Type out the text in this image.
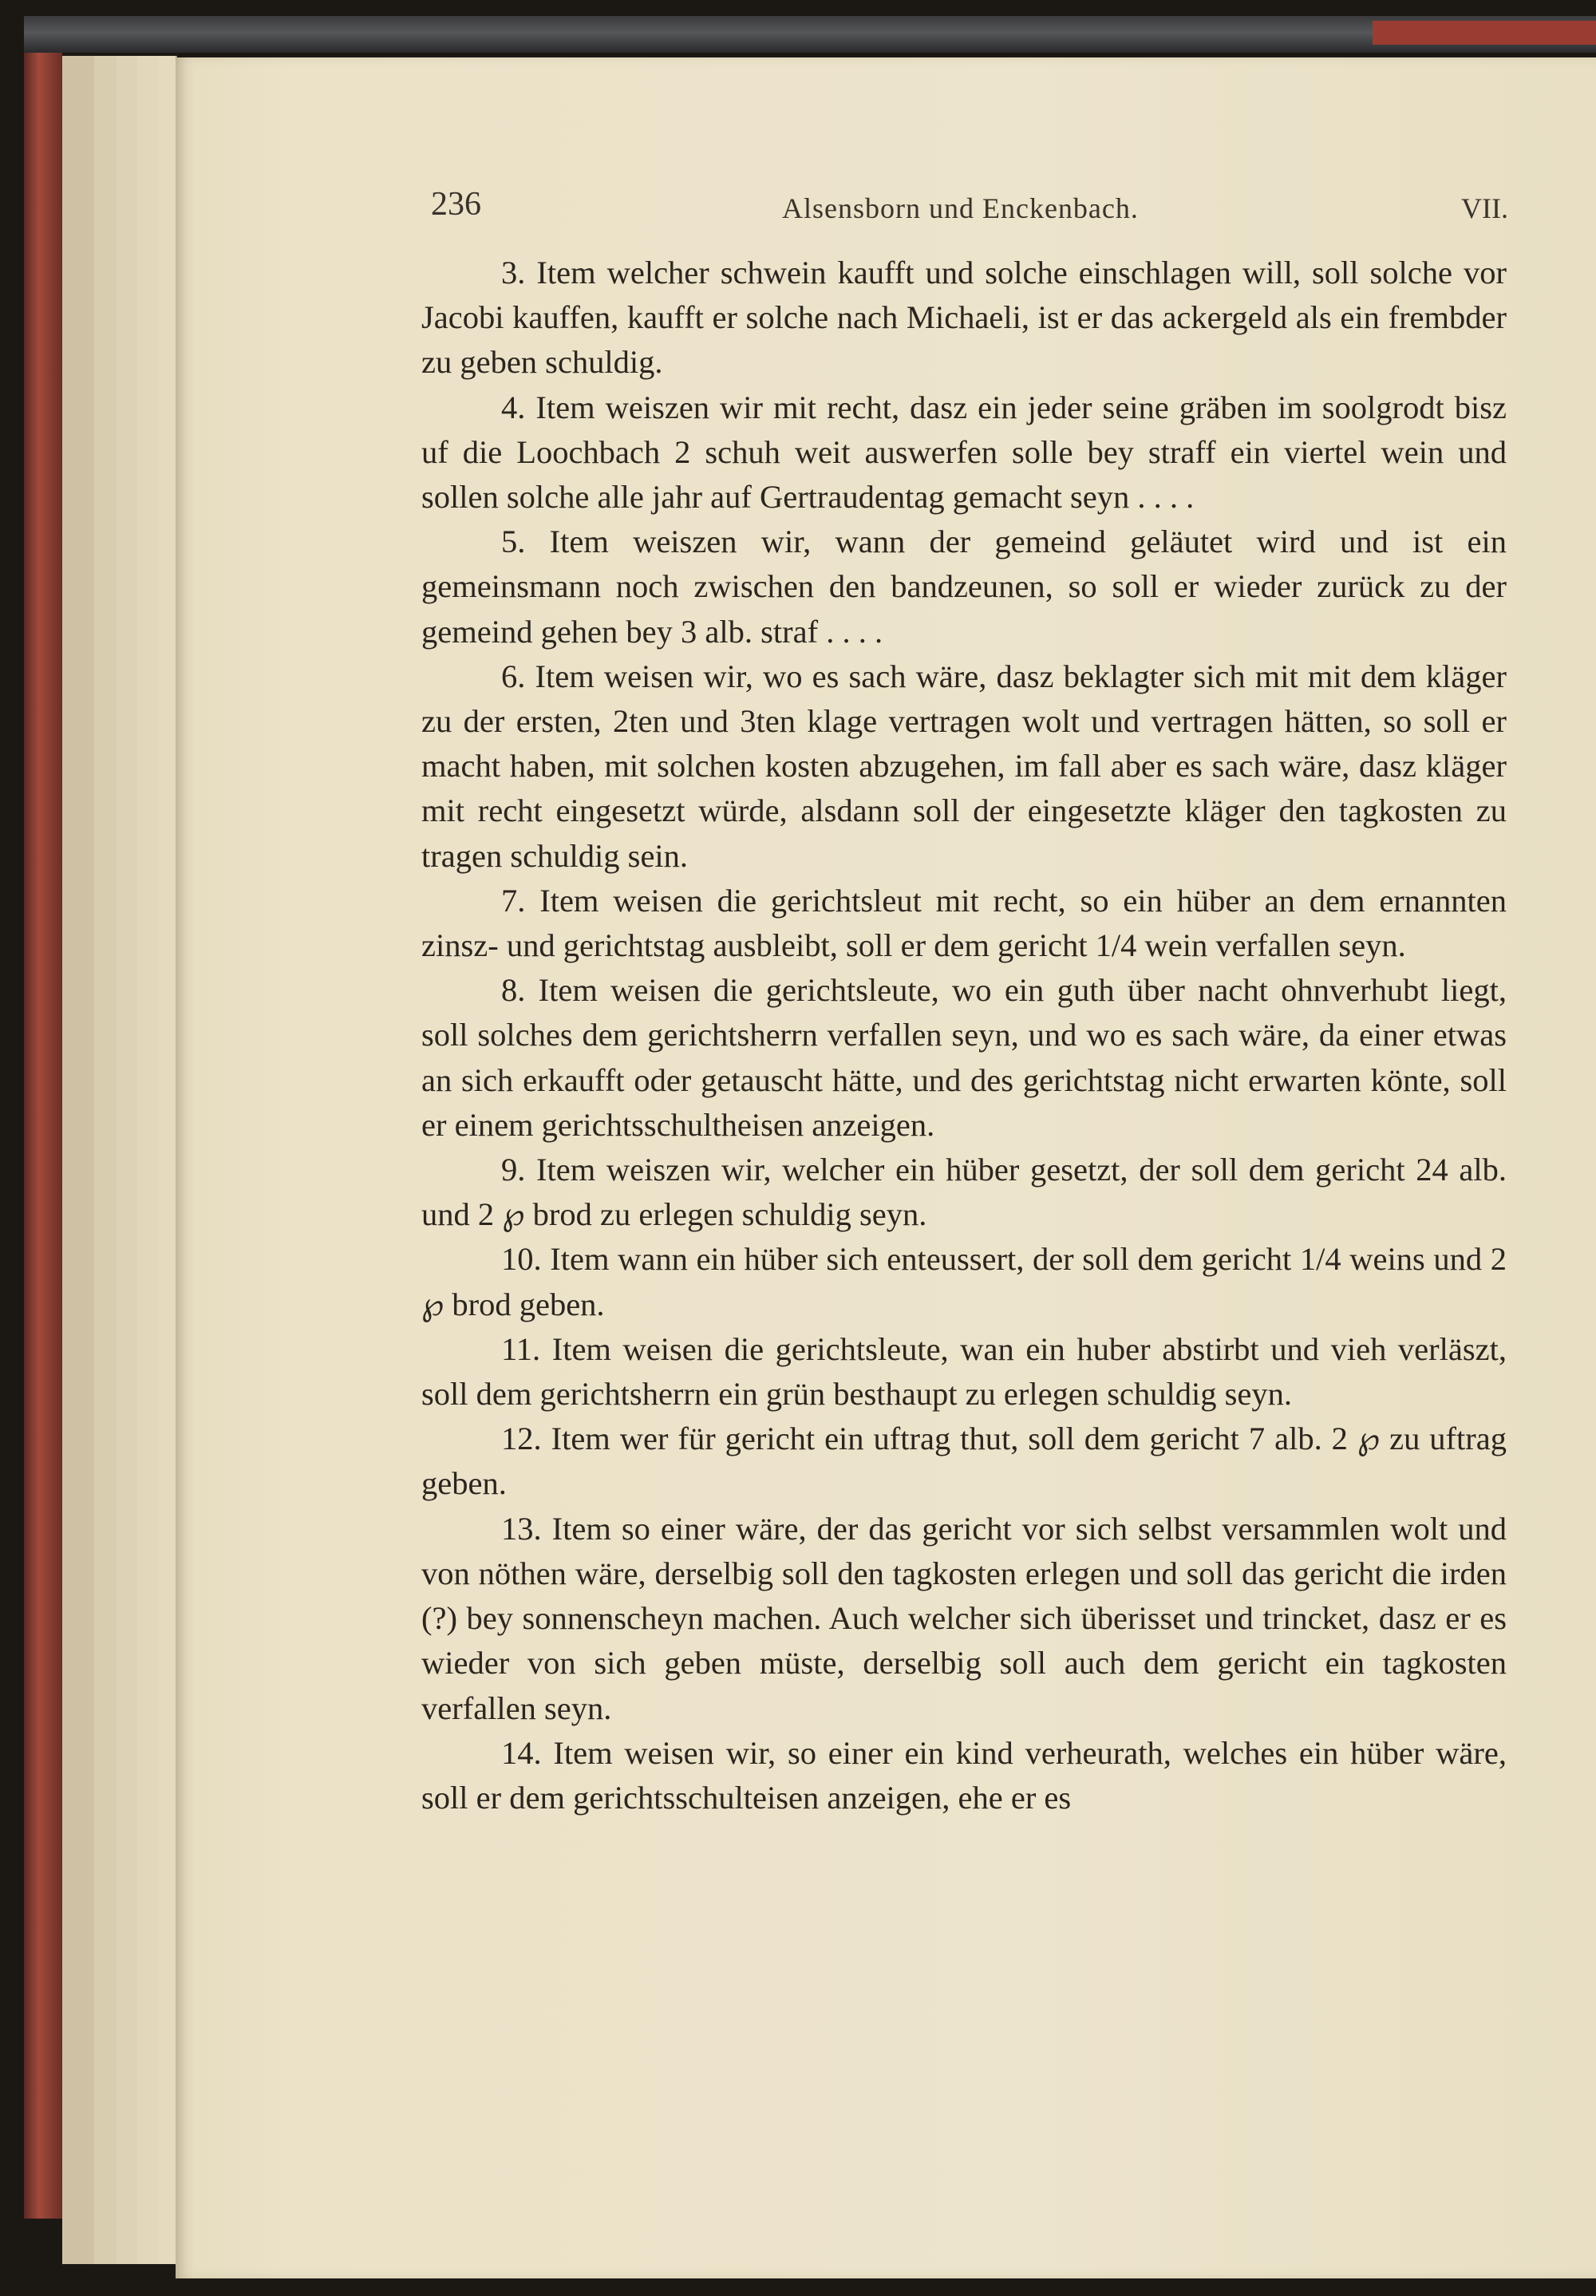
236	Alsensborn und Enckenbach.	VII.

3. Item welcher schwein kaufft und solche einschlagen will, soll solche vor Jacobi kauffen, kaufft er solche nach Michaeli, ist er das ackergeld als ein frembder zu geben schuldig.

4. Item weiszen wir mit recht, dasz ein jeder seine gräben im soolgrodt bisz uf die Loochbach 2 schuh weit auswerfen solle bey straff ein viertel wein und sollen solche alle jahr auf Gertraudentag gemacht seyn . . . .

5. Item weiszen wir, wann der gemeind geläutet wird und ist ein gemeinsmann noch zwischen den bandzeunen, so soll er wieder zurück zu der gemeind gehen bey 3 alb. straf . . . .

6. Item weisen wir, wo es sach wäre, dasz beklagter sich mit mit dem kläger zu der ersten, 2ten und 3ten klage vertragen wolt und vertragen hätten, so soll er macht haben, mit solchen kosten abzugehen, im fall aber es sach wäre, dasz kläger mit recht eingesetzt würde, alsdann soll der eingesetzte kläger den tagkosten zu tragen schuldig sein.

7. Item weisen die gerichtsleut mit recht, so ein hüber an dem ernannten zinsz- und gerichtstag ausbleibt, soll er dem gericht 1/4 wein verfallen seyn.

8. Item weisen die gerichtsleute, wo ein guth über nacht ohnverhubt liegt, soll solches dem gerichtsherrn verfallen seyn, und wo es sach wäre, da einer etwas an sich erkaufft oder getauscht hätte, und des gerichtstag nicht erwarten könte, soll er einem gerichtsschultheisen anzeigen.

9. Item weiszen wir, welcher ein hüber gesetzt, der soll dem gericht 24 alb. und 2 ℘ brod zu erlegen schuldig seyn.

10. Item wann ein hüber sich enteussert, der soll dem gericht 1/4 weins und 2 ℘ brod geben.

11. Item weisen die gerichtsleute, wan ein huber abstirbt und vieh verläszt, soll dem gerichtsherrn ein grün besthaupt zu erlegen schuldig seyn.

12. Item wer für gericht ein uftrag thut, soll dem gericht 7 alb. 2 ℘ zu uftrag geben.

13. Item so einer wäre, der das gericht vor sich selbst versammlen wolt und von nöthen wäre, derselbig soll den tagkosten erlegen und soll das gericht die irden (?) bey sonnenscheyn machen. Auch welcher sich überisset und trincket, dasz er es wieder von sich geben müste, derselbig soll auch dem gericht ein tagkosten verfallen seyn.

14. Item weisen wir, so einer ein kind verheurath, welches ein hüber wäre, soll er dem gerichtsschulteisen anzeigen, ehe er es
